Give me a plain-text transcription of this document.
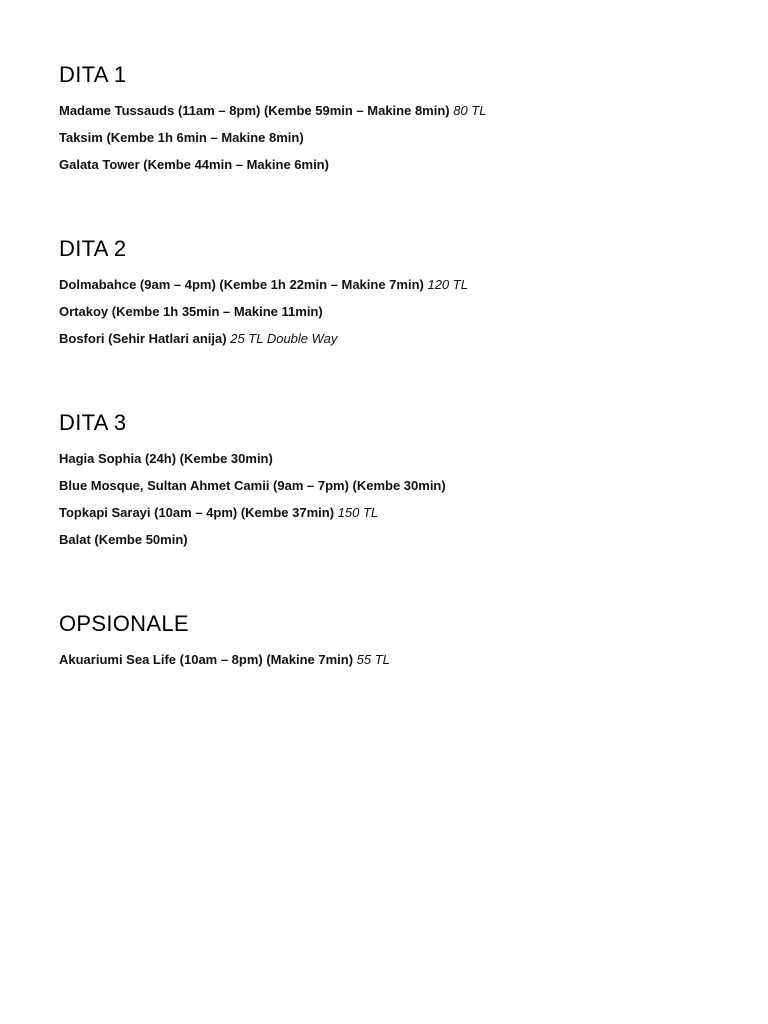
DITA 1
Madame Tussauds (11am – 8pm) (Kembe 59min – Makine 8min) 80 TL
Taksim (Kembe 1h 6min – Makine 8min)
Galata Tower (Kembe 44min – Makine 6min)
DITA 2
Dolmabahce (9am – 4pm) (Kembe 1h 22min – Makine 7min) 120 TL
Ortakoy (Kembe 1h 35min – Makine 11min)
Bosfori (Sehir Hatlari anija) 25 TL Double Way
DITA 3
Hagia Sophia (24h) (Kembe 30min)
Blue Mosque, Sultan Ahmet Camii (9am – 7pm) (Kembe 30min)
Topkapi Sarayi (10am – 4pm) (Kembe 37min) 150 TL
Balat (Kembe 50min)
OPSIONALE
Akuariumi Sea Life (10am – 8pm) (Makine 7min) 55 TL
